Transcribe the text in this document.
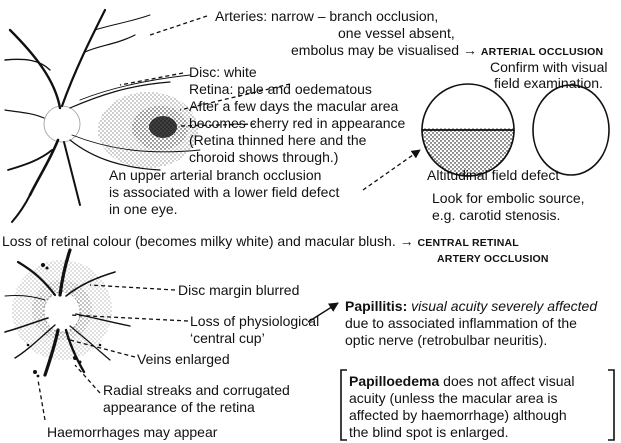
Arteries: narrow – branch occlusion,
one vessel absent,
embolus may be visualised → ARTERIAL OCCLUSION
Confirm with visual
field examination.
Disc: white
Retina: pale and oedematous
After a few days the macular area
becomes cherry red in appearance
(Retina thinned here and the
choroid shows through.)
An upper arterial branch occlusion
is associated with a lower field defect
in one eye.
Altitudinal field defect
Look for embolic source,
e.g. carotid stenosis.
Loss of retinal colour (becomes milky white) and macular blush. → CENTRAL RETINAL
ARTERY OCCLUSION
Disc margin blurred
Loss of physiological
‘central cup’
Veins enlarged
Radial streaks and corrugated
appearance of the retina
Haemorrhages may appear
Papillitis: visual acuity severely affected
due to associated inflammation of the
optic nerve (retrobulbar neuritis).
Papilloedema does not affect visual
acuity (unless the macular area is
affected by haemorrhage) although
the blind spot is enlarged.
